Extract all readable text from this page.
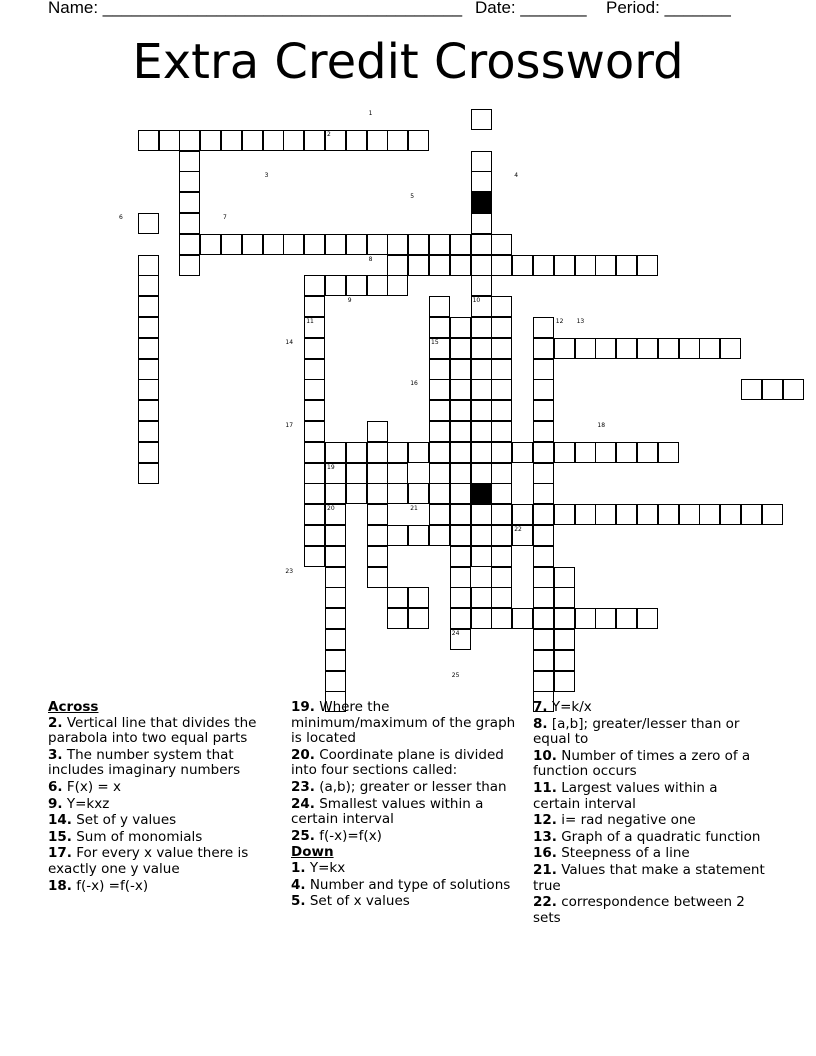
Name: ______________________________________ Date: _______ Period: _______
Extra Credit Crossword
1
2
3	4
5
6	7
8
9	10
11	12 13
14	15
16
17	18
19
20	21
22
23
24
25

Across

2. Vertical line that divides the parabola into two equal parts

3. The number system that includes imaginary numbers

6. F(x) = x

9. Y=kxz

14. Set of y values

15. Sum of monomials

17. For every x value there is exactly one y value

18. f(-x) =f(-x)

19. Where the minimum/maximum of the graph is located

20. Coordinate plane is divided into four sections called:

23. (a,b); greater or lesser than

24. Smallest values within a certain interval

25. f(-x)=f(x)

Down

1. Y=kx

4. Number and type of solutions

5. Set of x values

7. Y=k/x

8. [a,b]; greater/lesser than or equal to

10. Number of times a zero of a function occurs

11. Largest values within a certain interval

12. i= rad negative one

13. Graph of a quadratic function

16. Steepness of a line

21. Values that make a statement true

22. correspondence between 2 sets
